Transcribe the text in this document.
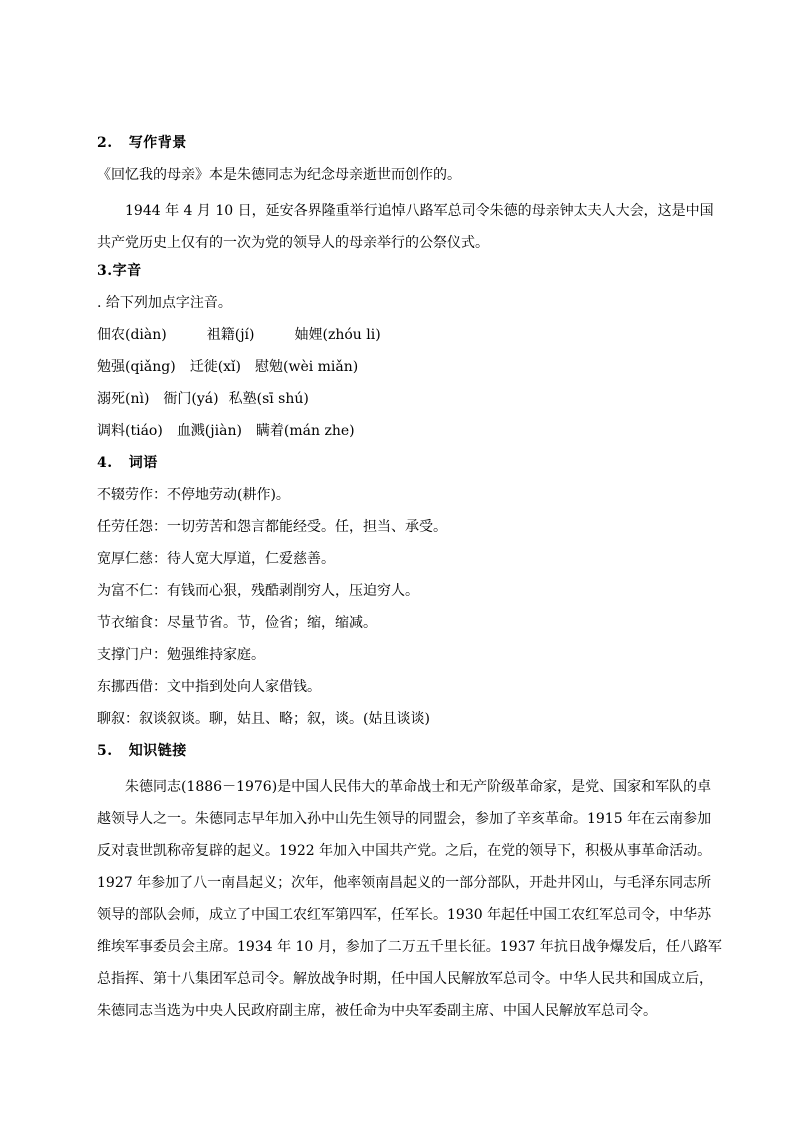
2.   写作背景
《回忆我的母亲》本是朱德同志为纪念母亲逝世而创作的。

1944 年 4 月 10 日，延安各界隆重举行追悼八路军总司令朱德的母亲钟太夫人大会，这是中国共产党历史上仅有的一次为党的领导人的母亲举行的公祭仪式。

3.字音
. 给下列加点字注音。
佃农(diàn)	祖籍(jí)	妯娌(zhóu li)
勉强(qiǎng) 迁徙(xǐ) 慰勉(wèi miǎn)
溺死(nì) 衙门(yá) 私塾(sī shú)
调料(tiáo) 血溅(jiàn) 瞒着(mán zhe)
4.   词语
不辍劳作：不停地劳动(耕作)。
任劳任怨：一切劳苦和怨言都能经受。任，担当、承受。
宽厚仁慈：待人宽大厚道，仁爱慈善。
为富不仁：有钱而心狠，残酷剥削穷人，压迫穷人。
节衣缩食：尽量节省。节，俭省；缩，缩减。
支撑门户：勉强维持家庭。
东挪西借：文中指到处向人家借钱。
聊叙：叙谈叙谈。聊，姑且、略；叙，谈。(姑且谈谈)
5.   知识链接

朱德同志(1886－1976)是中国人民伟大的革命战士和无产阶级革命家，是党、国家和军队的卓越领导人之一。朱德同志早年加入孙中山先生领导的同盟会，参加了辛亥革命。1915 年在云南参加反对袁世凯称帝复辟的起义。1922 年加入中国共产党。之后，在党的领导下，积极从事革命活动。1927 年参加了八一南昌起义；次年，他率领南昌起义的一部分部队，开赴井冈山，与毛泽东同志所领导的部队会师，成立了中国工农红军第四军，任军长。1930 年起任中国工农红军总司令，中华苏维埃军事委员会主席。1934 年 10 月，参加了二万五千里长征。1937 年抗日战争爆发后，任八路军总指挥、第十八集团军总司令。解放战争时期，任中国人民解放军总司令。中华人民共和国成立后，朱德同志当选为中央人民政府副主席，被任命为中央军委副主席、中国人民解放军总司令。
